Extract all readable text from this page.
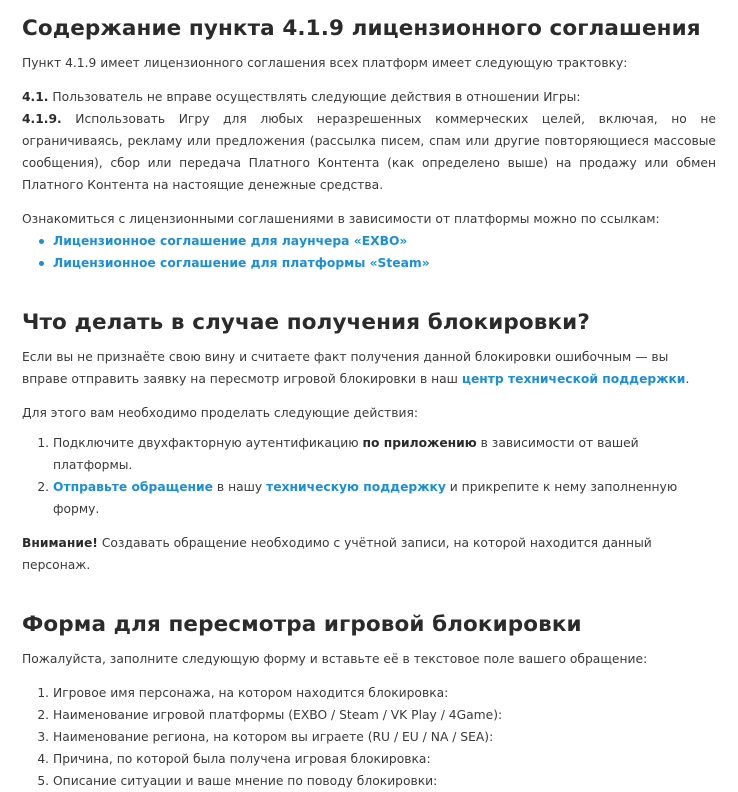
Содержание пункта 4.1.9 лицензионного соглашения

Пункт 4.1.9 имеет лицензионного соглашения всех платформ имеет следующую трактовку:

4.1. Пользователь не вправе осуществлять следующие действия в отношении Игры:
4.1.9. Использовать Игру для любых неразрешенных коммерческих целей, включая, но не ограничиваясь, рекламу или предложения (рассылка писем, спам или другие повторяющиеся массовые сообщения), сбор или передача Платного Контента (как определено выше) на продажу или обмен Платного Контента на настоящие денежные средства.

Ознакомиться с лицензионными соглашениями в зависимости от платформы можно по ссылкам:

Лицензионное соглашение для лаунчера «EXBO»
Лицензионное соглашение для платформы «Steam»
Что делать в случае получения блокировки?

Если вы не признаёте свою вину и считаете факт получения данной блокировки ошибочным — вы вправе отправить заявку на пересмотр игровой блокировки в наш центр технической поддержки.

Для этого вам необходимо проделать следующие действия:

1. Подключите двухфакторную аутентификацию по приложению в зависимости от вашей платформы.
2. Отправьте обращение в нашу техническую поддержку и прикрепите к нему заполненную форму.

Внимание! Создавать обращение необходимо с учётной записи, на которой находится данный персонаж.

Форма для пересмотра игровой блокировки

Пожалуйста, заполните следующую форму и вставьте её в текстовое поле вашего обращение:

1. Игровое имя персонажа, на котором находится блокировка:
2. Наименование игровой платформы (EXBO / Steam / VK Play / 4Game):
3. Наименование региона, на котором вы играете (RU / EU / NA / SEA):
4. Причина, по которой была получена игровая блокировка:
5. Описание ситуации и ваше мнение по поводу блокировки:
